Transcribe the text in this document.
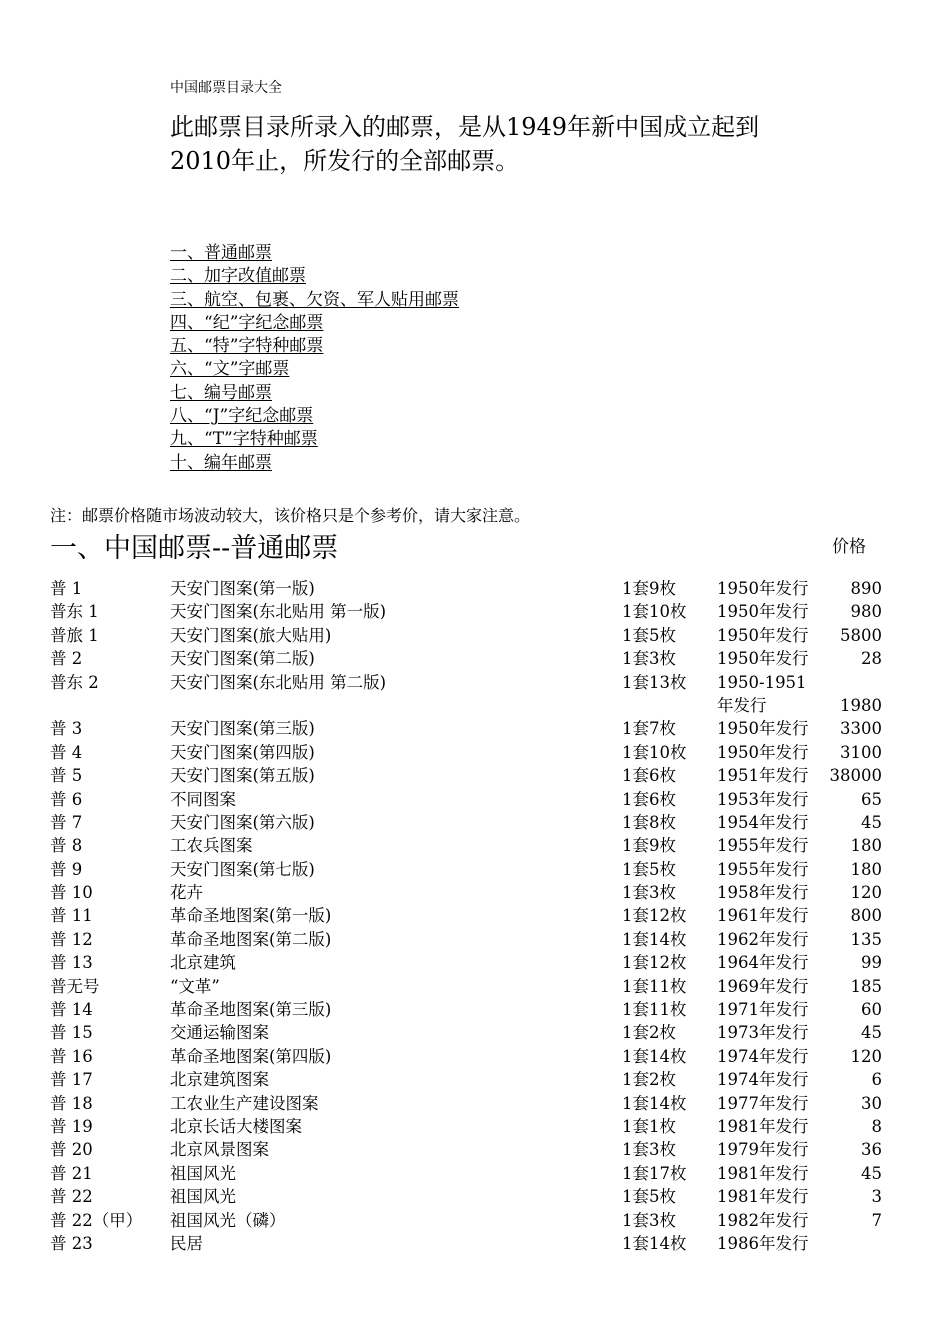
中国邮票目录大全
此邮票目录所录入的邮票，是从1949年新中国成立起到2010年止，所发行的全部邮票。
一、普通邮票
二、加字改值邮票
三、航空、包裹、欠资、军人贴用邮票
四、“纪”字纪念邮票
五、“特”字特种邮票
六、“文”字邮票
七、编号邮票
八、“J”字纪念邮票
九、“T”字特种邮票
十、编年邮票
注：邮票价格随市场波动较大，该价格只是个参考价，请大家注意。
一、中国邮票--普通邮票	价格
普 1	天安门图案(第一版)	1套9枚 1950年发行	890
普东 1	天安门图案(东北贴用 第一版)	1套10枚 1950年发行	980
普旅 1	天安门图案(旅大贴用)	1套5枚 1950年发行 5800
普 2	天安门图案(第二版)	1套3枚 1950年发行	28
普东 2	天安门图案(东北贴用 第二版)	1套13枚 1950-1951年发行	1980
普 3	天安门图案(第三版)	1套7枚 1950年发行 3300
普 4	天安门图案(第四版)	1套10枚 1950年发行 3100
普 5	天安门图案(第五版)	1套6枚 1951年发行 38000
普 6	不同图案	1套6枚 1953年发行	65
普 7	天安门图案(第六版)	1套8枚 1954年发行	45
普 8	工农兵图案	1套9枚 1955年发行	180
普 9	天安门图案(第七版)	1套5枚 1955年发行	180
普 10	花卉	1套3枚 1958年发行	120
普 11	革命圣地图案(第一版)	1套12枚 1961年发行	800
普 12	革命圣地图案(第二版)	1套14枚 1962年发行	135
普 13	北京建筑	1套12枚 1964年发行	99
普无号	“文革”	1套11枚 1969年发行	185
普 14	革命圣地图案(第三版)	1套11枚 1971年发行	60
普 15	交通运输图案	1套2枚 1973年发行	45
普 16	革命圣地图案(第四版)	1套14枚 1974年发行	120
普 17	北京建筑图案	1套2枚 1974年发行	6
普 18	工农业生产建设图案	1套14枚 1977年发行	30
普 19	北京长话大楼图案	1套1枚 1981年发行	8
普 20	北京风景图案	1套3枚 1979年发行	36
普 21	祖国风光	1套17枚 1981年发行	45
普 22	祖国风光	1套5枚 1981年发行	3
普 22（甲） 祖国风光（磷）	1套3枚 1982年发行	7
普 23	民居	1套14枚 1986年发行
